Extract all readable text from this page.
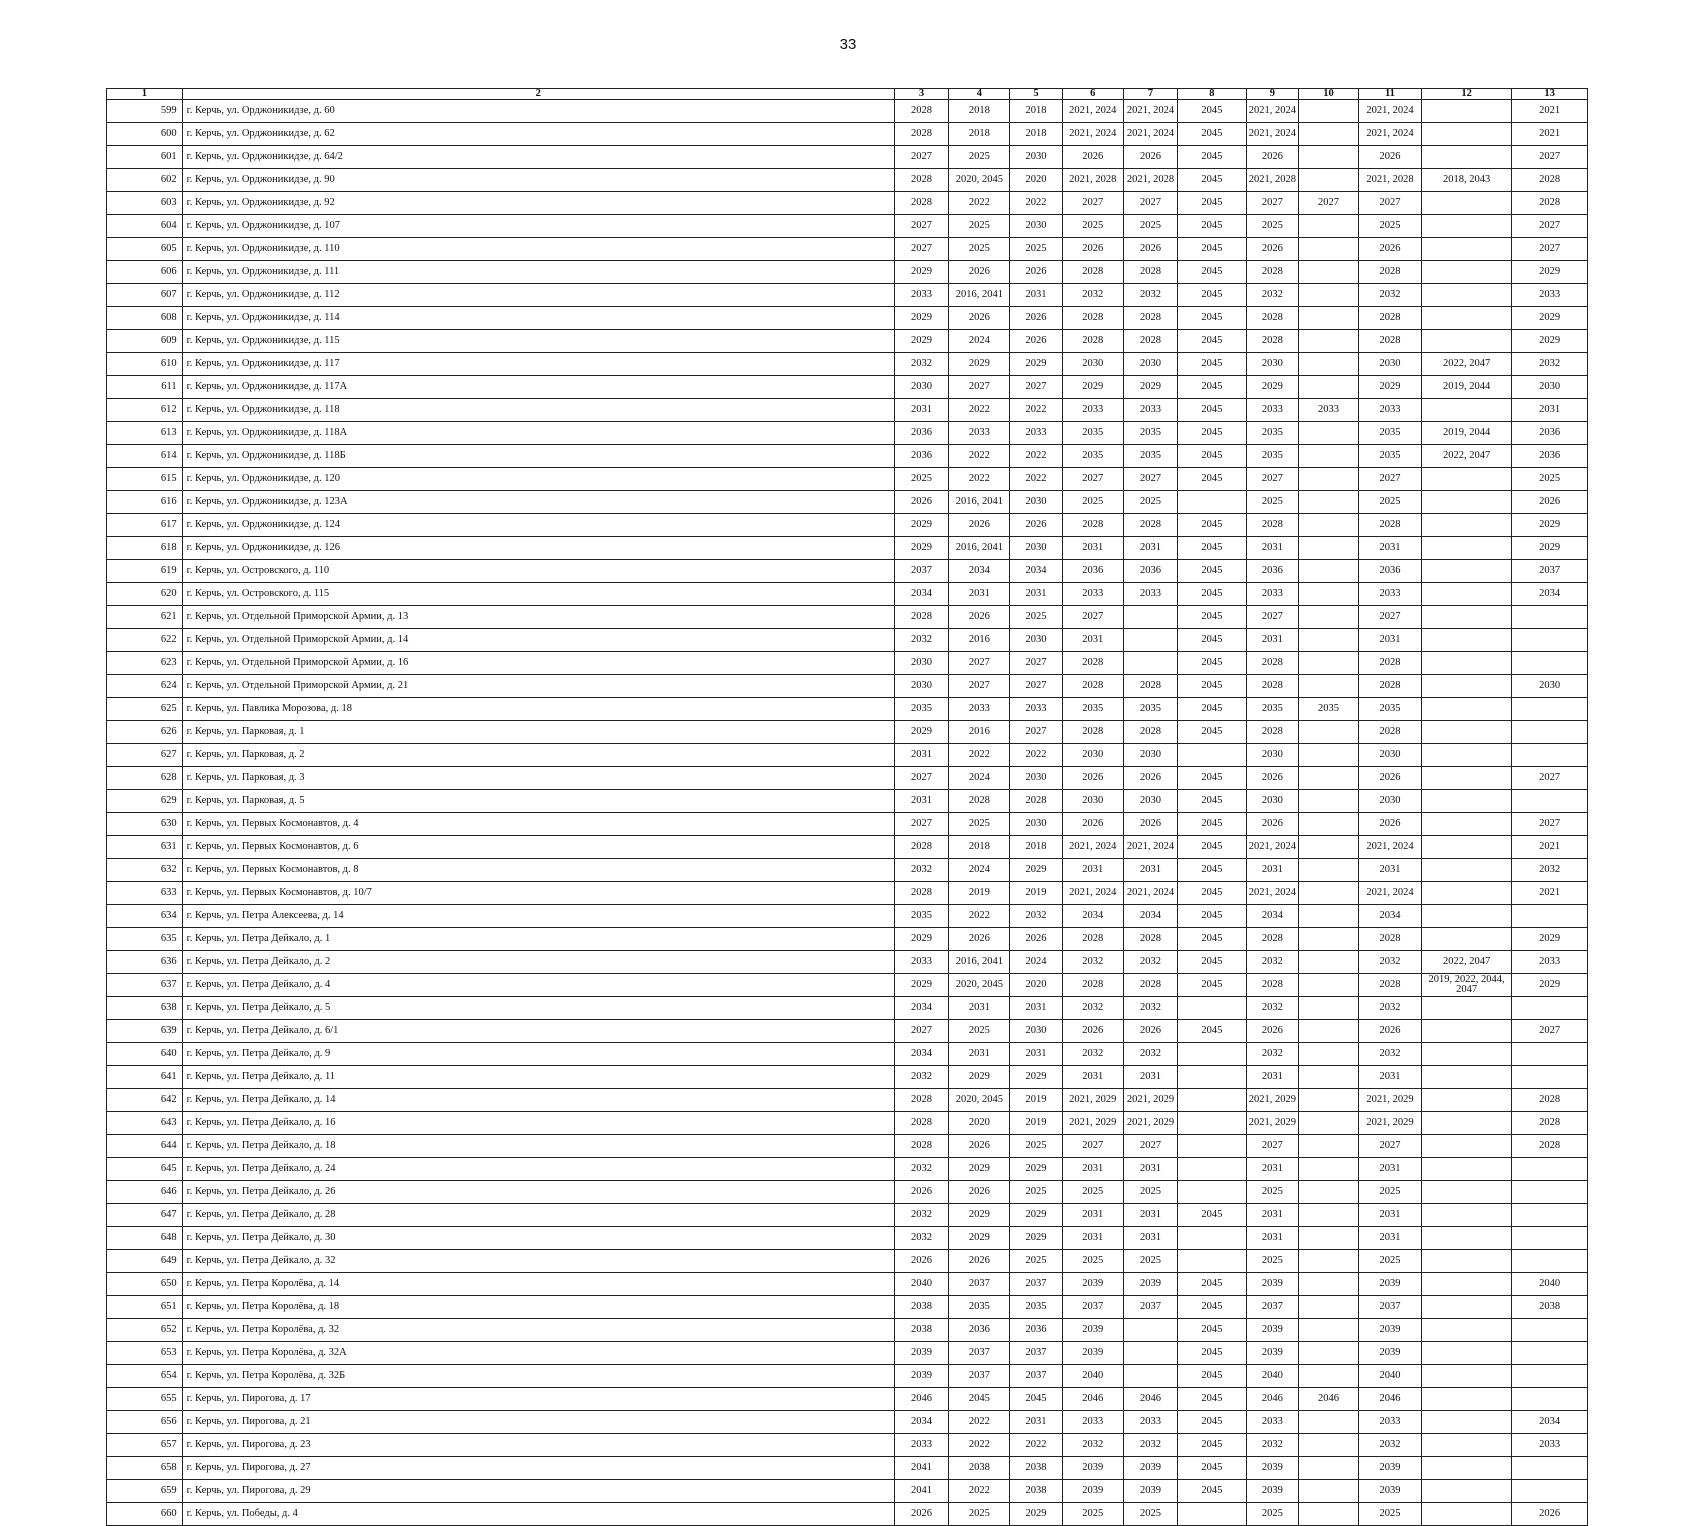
33
1	2	3	4	5	6	7	8	9	10	11	12	13
599	г. Керчь, ул. Орджоникидзе, д. 60	2028	2018	2018	2021, 2024	2021, 2024	2045	2021, 2024		2021, 2024		2021
600	г. Керчь, ул. Орджоникидзе, д. 62	2028	2018	2018	2021, 2024	2021, 2024	2045	2021, 2024		2021, 2024		2021
601	г. Керчь, ул. Орджоникидзе, д. 64/2	2027	2025	2030	2026	2026	2045	2026		2026		2027
602	г. Керчь, ул. Орджоникидзе, д. 90	2028	2020, 2045	2020	2021, 2028	2021, 2028	2045	2021, 2028		2021, 2028	2018, 2043	2028
603	г. Керчь, ул. Орджоникидзе, д. 92	2028	2022	2022	2027	2027	2045	2027	2027	2027		2028
604	г. Керчь, ул. Орджоникидзе, д. 107	2027	2025	2030	2025	2025	2045	2025		2025		2027
605	г. Керчь, ул. Орджоникидзе, д. 110	2027	2025	2025	2026	2026	2045	2026		2026		2027
606	г. Керчь, ул. Орджоникидзе, д. 111	2029	2026	2026	2028	2028	2045	2028		2028		2029
607	г. Керчь, ул. Орджоникидзе, д. 112	2033	2016, 2041	2031	2032	2032	2045	2032		2032		2033
608	г. Керчь, ул. Орджоникидзе, д. 114	2029	2026	2026	2028	2028	2045	2028		2028		2029
609	г. Керчь, ул. Орджоникидзе, д. 115	2029	2024	2026	2028	2028	2045	2028		2028		2029
610	г. Керчь, ул. Орджоникидзе, д. 117	2032	2029	2029	2030	2030	2045	2030		2030	2022, 2047	2032
611	г. Керчь, ул. Орджоникидзе, д. 117А	2030	2027	2027	2029	2029	2045	2029		2029	2019, 2044	2030
612	г. Керчь, ул. Орджоникидзе, д. 118	2031	2022	2022	2033	2033	2045	2033	2033	2033		2031
613	г. Керчь, ул. Орджоникидзе, д. 118А	2036	2033	2033	2035	2035	2045	2035		2035	2019, 2044	2036
614	г. Керчь, ул. Орджоникидзе, д. 118Б	2036	2022	2022	2035	2035	2045	2035		2035	2022, 2047	2036
615	г. Керчь, ул. Орджоникидзе, д. 120	2025	2022	2022	2027	2027	2045	2027		2027		2025
616	г. Керчь, ул. Орджоникидзе, д. 123А	2026	2016, 2041	2030	2025	2025		2025		2025		2026
617	г. Керчь, ул. Орджоникидзе, д. 124	2029	2026	2026	2028	2028	2045	2028		2028		2029
618	г. Керчь, ул. Орджоникидзе, д. 126	2029	2016, 2041	2030	2031	2031	2045	2031		2031		2029
619	г. Керчь, ул. Островского, д. 110	2037	2034	2034	2036	2036	2045	2036		2036		2037
620	г. Керчь, ул. Островского, д. 115	2034	2031	2031	2033	2033	2045	2033		2033		2034
621	г. Керчь, ул. Отдельной Приморской Армии, д. 13	2028	2026	2025	2027		2045	2027		2027		
622	г. Керчь, ул. Отдельной Приморской Армии, д. 14	2032	2016	2030	2031		2045	2031		2031		
623	г. Керчь, ул. Отдельной Приморской Армии, д. 16	2030	2027	2027	2028		2045	2028		2028		
624	г. Керчь, ул. Отдельной Приморской Армии, д. 21	2030	2027	2027	2028	2028	2045	2028		2028		2030
625	г. Керчь, ул. Павлика Морозова, д. 18	2035	2033	2033	2035	2035	2045	2035	2035	2035		
626	г. Керчь, ул. Парковая, д. 1	2029	2016	2027	2028	2028	2045	2028		2028		
627	г. Керчь, ул. Парковая, д. 2	2031	2022	2022	2030	2030		2030		2030		
628	г. Керчь, ул. Парковая, д. 3	2027	2024	2030	2026	2026	2045	2026		2026		2027
629	г. Керчь, ул. Парковая, д. 5	2031	2028	2028	2030	2030	2045	2030		2030		
630	г. Керчь, ул. Первых Космонавтов, д. 4	2027	2025	2030	2026	2026	2045	2026		2026		2027
631	г. Керчь, ул. Первых Космонавтов, д. 6	2028	2018	2018	2021, 2024	2021, 2024	2045	2021, 2024		2021, 2024		2021
632	г. Керчь, ул. Первых Космонавтов, д. 8	2032	2024	2029	2031	2031	2045	2031		2031		2032
633	г. Керчь, ул. Первых Космонавтов, д. 10/7	2028	2019	2019	2021, 2024	2021, 2024	2045	2021, 2024		2021, 2024		2021
634	г. Керчь, ул. Петра Алексеева, д. 14	2035	2022	2032	2034	2034	2045	2034		2034		
635	г. Керчь, ул. Петра Дейкало, д. 1	2029	2026	2026	2028	2028	2045	2028		2028		2029
636	г. Керчь, ул. Петра Дейкало, д. 2	2033	2016, 2041	2024	2032	2032	2045	2032		2032	2022, 2047	2033
637	г. Керчь, ул. Петра Дейкало, д. 4	2029	2020, 2045	2020	2028	2028	2045	2028		2028	2019, 2022, 2044, 2047	2029
638	г. Керчь, ул. Петра Дейкало, д. 5	2034	2031	2031	2032	2032		2032		2032		
639	г. Керчь, ул. Петра Дейкало, д. 6/1	2027	2025	2030	2026	2026	2045	2026		2026		2027
640	г. Керчь, ул. Петра Дейкало, д. 9	2034	2031	2031	2032	2032		2032		2032		
641	г. Керчь, ул. Петра Дейкало, д. 11	2032	2029	2029	2031	2031		2031		2031		
642	г. Керчь, ул. Петра Дейкало, д. 14	2028	2020, 2045	2019	2021, 2029	2021, 2029		2021, 2029		2021, 2029		2028
643	г. Керчь, ул. Петра Дейкало, д. 16	2028	2020	2019	2021, 2029	2021, 2029		2021, 2029		2021, 2029		2028
644	г. Керчь, ул. Петра Дейкало, д. 18	2028	2026	2025	2027	2027		2027		2027		2028
645	г. Керчь, ул. Петра Дейкало, д. 24	2032	2029	2029	2031	2031		2031		2031		
646	г. Керчь, ул. Петра Дейкало, д. 26	2026	2026	2025	2025	2025		2025		2025		
647	г. Керчь, ул. Петра Дейкало, д. 28	2032	2029	2029	2031	2031	2045	2031		2031		
648	г. Керчь, ул. Петра Дейкало, д. 30	2032	2029	2029	2031	2031		2031		2031		
649	г. Керчь, ул. Петра Дейкало, д. 32	2026	2026	2025	2025	2025		2025		2025		
650	г. Керчь, ул. Петра Королёва, д. 14	2040	2037	2037	2039	2039	2045	2039		2039		2040
651	г. Керчь, ул. Петра Королёва, д. 18	2038	2035	2035	2037	2037	2045	2037		2037		2038
652	г. Керчь, ул. Петра Королёва, д. 32	2038	2036	2036	2039		2045	2039		2039		
653	г. Керчь, ул. Петра Королёва, д. 32А	2039	2037	2037	2039		2045	2039		2039		
654	г. Керчь, ул. Петра Королёва, д. 32Б	2039	2037	2037	2040		2045	2040		2040		
655	г. Керчь, ул. Пирогова, д. 17	2046	2045	2045	2046	2046	2045	2046	2046	2046		
656	г. Керчь, ул. Пирогова, д. 21	2034	2022	2031	2033	2033	2045	2033		2033		2034
657	г. Керчь, ул. Пирогова, д. 23	2033	2022	2022	2032	2032	2045	2032		2032		2033
658	г. Керчь, ул. Пирогова, д. 27	2041	2038	2038	2039	2039	2045	2039		2039		
659	г. Керчь, ул. Пирогова, д. 29	2041	2022	2038	2039	2039	2045	2039		2039		
660	г. Керчь, ул. Победы, д. 4	2026	2025	2029	2025	2025		2025		2025		2026
